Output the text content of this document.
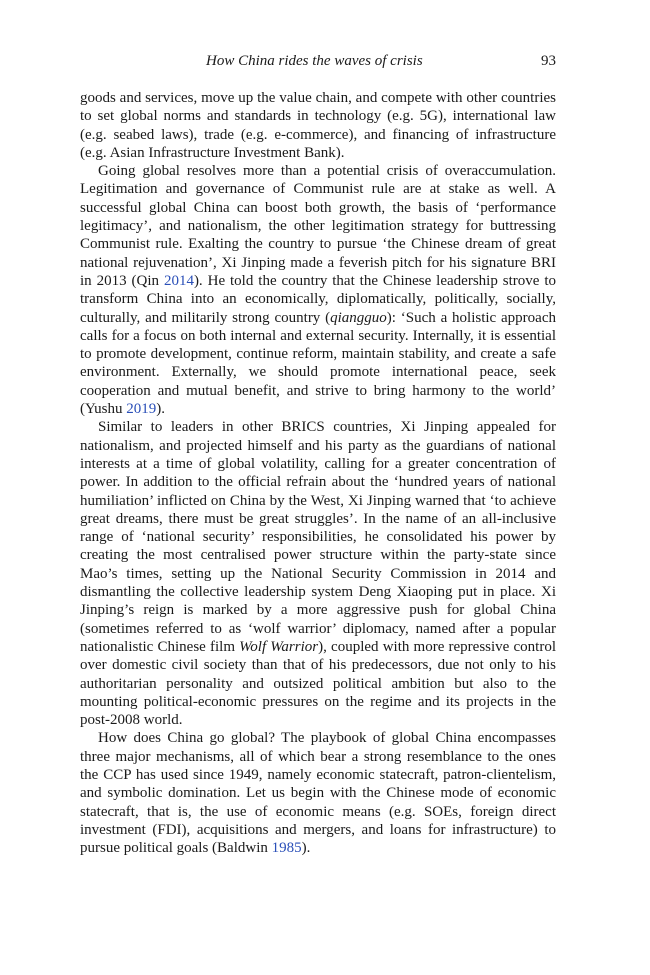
How China rides the waves of crisis	93

goods and services, move up the value chain, and compete with other countries to set global norms and standards in technology (e.g. 5G), international law (e.g. seabed laws), trade (e.g. e-commerce), and financing of infrastructure (e.g. Asian Infrastructure Investment Bank).

Going global resolves more than a potential crisis of overaccumulation. Legitimation and governance of Communist rule are at stake as well. A successful global China can boost both growth, the basis of ‘performance legitimacy’, and nationalism, the other legitimation strategy for buttressing Communist rule. Exalting the country to pursue ‘the Chinese dream of great national rejuvenation’, Xi Jinping made a feverish pitch for his signature BRI in 2013 (Qin 2014). He told the country that the Chinese leadership strove to transform China into an economically, diplomatically, politically, socially, culturally, and militarily strong country (qiangguo): ‘Such a holistic approach calls for a focus on both internal and external security. Internally, it is essential to promote development, continue reform, maintain stability, and create a safe environment. Externally, we should promote international peace, seek cooperation and mutual benefit, and strive to bring harmony to the world’ (Yushu 2019).

Similar to leaders in other BRICS countries, Xi Jinping appealed for nationalism, and projected himself and his party as the guardians of national interests at a time of global volatility, calling for a greater concentration of power. In addition to the official refrain about the ‘hundred years of national humiliation’ inflicted on China by the West, Xi Jinping warned that ‘to achieve great dreams, there must be great struggles’. In the name of an all-inclusive range of ‘national security’ responsibilities, he consolidated his power by creating the most centralised power structure within the party-state since Mao’s times, setting up the National Security Commission in 2014 and dismantling the collective leadership system Deng Xiaoping put in place. Xi Jinping’s reign is marked by a more aggressive push for global China (sometimes referred to as ‘wolf warrior’ diplomacy, named after a popular nationalistic Chinese film Wolf Warrior), coupled with more repressive control over domestic civil society than that of his predecessors, due not only to his authoritarian personality and outsized political ambition but also to the mounting political-economic pressures on the regime and its projects in the post-2008 world.

How does China go global? The playbook of global China encompasses three major mechanisms, all of which bear a strong resemblance to the ones the CCP has used since 1949, namely economic statecraft, patron-clientelism, and symbolic domination. Let us begin with the Chinese mode of economic statecraft, that is, the use of economic means (e.g. SOEs, foreign direct investment (FDI), acquisitions and mergers, and loans for infrastructure) to pursue political goals (Baldwin 1985).
